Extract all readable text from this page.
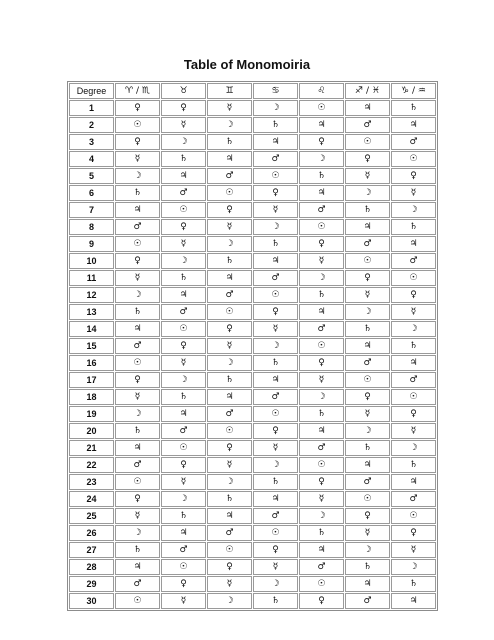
Table of Monomoiria
Degree	♈ / ♏	♉	♊	♋	♌	♐ / ♓	♑ / ♒
1	♀	♀	☿	☽	☉	♃	♄
2	☉	☿	☽	♄	♃	♂	♃
3	♀	☽	♄	♃	♀	☉	♂
4	☿	♄	♃	♂	☽	♀	☉
5	☽	♃	♂	☉	♄	☿	♀
6	♄	♂	☉	♀	♃	☽	☿
7	♃	☉	♀	☿	♂	♄	☽
8	♂	♀	☿	☽	☉	♃	♄
9	☉	☿	☽	♄	♀	♂	♃
10	♀	☽	♄	♃	☿	☉	♂
11	☿	♄	♃	♂	☽	♀	☉
12	☽	♃	♂	☉	♄	☿	♀
13	♄	♂	☉	♀	♃	☽	☿
14	♃	☉	♀	☿	♂	♄	☽
15	♂	♀	☿	☽	☉	♃	♄
16	☉	☿	☽	♄	♀	♂	♃
17	♀	☽	♄	♃	☿	☉	♂
18	☿	♄	♃	♂	☽	♀	☉
19	☽	♃	♂	☉	♄	☿	♀
20	♄	♂	☉	♀	♃	☽	☿
21	♃	☉	♀	☿	♂	♄	☽
22	♂	♀	☿	☽	☉	♃	♄
23	☉	☿	☽	♄	♀	♂	♃
24	♀	☽	♄	♃	☿	☉	♂
25	☿	♄	♃	♂	☽	♀	☉
26	☽	♃	♂	☉	♄	☿	♀
27	♄	♂	☉	♀	♃	☽	☿
28	♃	☉	♀	☿	♂	♄	☽
29	♂	♀	☿	☽	☉	♃	♄
30	☉	☿	☽	♄	♀	♂	♃
